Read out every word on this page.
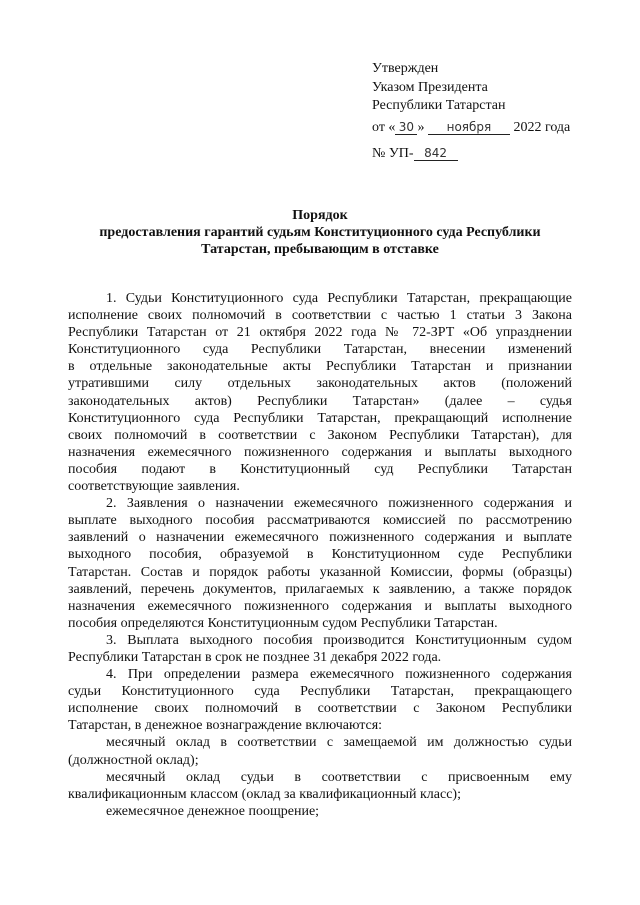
Утвержден
Указом Президента
Республики Татарстан
от « 30 » ноября 2022 года
№ УП- 842
Порядок
предоставления гарантий судьям Конституционного суда Республики
Татарстан, пребывающим в отставке
1. Судьи Конституционного суда Республики Татарстан, прекращающие
исполнение своих полномочий в соответствии с частью 1 статьи 3 Закона
Республики Татарстан от 21 октября 2022 года № 72-ЗРТ «Об упразднении
Конституционного суда Республики Татарстан, внесении изменений
в отдельные законодательные акты Республики Татарстан и признании
утратившими силу отдельных законодательных актов (положений
законодательных актов) Республики Татарстан» (далее – судья
Конституционного суда Республики Татарстан, прекращающий исполнение
своих полномочий в соответствии с Законом Республики Татарстан), для
назначения ежемесячного пожизненного содержания и выплаты выходного
пособия подают в Конституционный суд Республики Татарстан
соответствующие заявления.
2. Заявления о назначении ежемесячного пожизненного содержания и
выплате выходного пособия рассматриваются комиссией по рассмотрению
заявлений о назначении ежемесячного пожизненного содержания и выплате
выходного пособия, образуемой в Конституционном суде Республики
Татарстан. Состав и порядок работы указанной Комиссии, формы (образцы)
заявлений, перечень документов, прилагаемых к заявлению, а также порядок
назначения ежемесячного пожизненного содержания и выплаты выходного
пособия определяются Конституционным судом Республики Татарстан.
3. Выплата выходного пособия производится Конституционным судом
Республики Татарстан в срок не позднее 31 декабря 2022 года.
4. При определении размера ежемесячного пожизненного содержания
судьи Конституционного суда Республики Татарстан, прекращающего
исполнение своих полномочий в соответствии с Законом Республики
Татарстан, в денежное вознаграждение включаются:
месячный оклад в соответствии с замещаемой им должностью судьи
(должностной оклад);
месячный оклад судьи в соответствии с присвоенным ему
квалификационным классом (оклад за квалификационный класс);
ежемесячное денежное поощрение;
